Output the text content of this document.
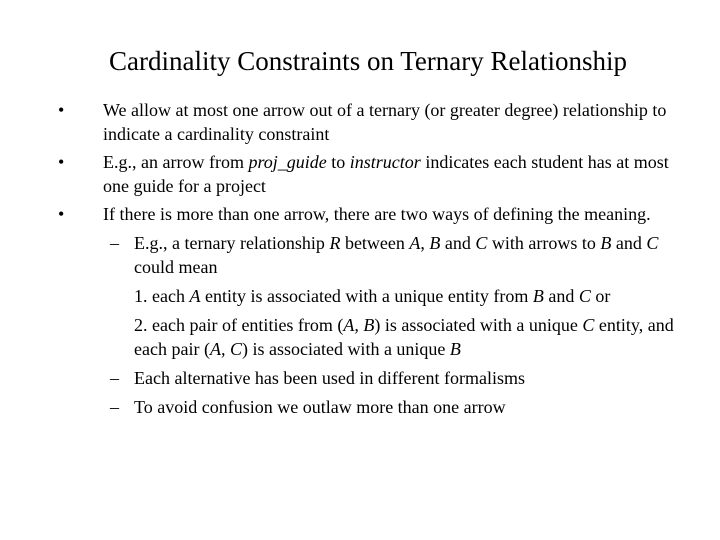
Cardinality Constraints on Ternary Relationship
• We allow at most one arrow out of a ternary (or greater degree) relationship to indicate a cardinality constraint
• E.g., an arrow from proj_guide to instructor indicates each student has at most one guide for a project
• If there is more than one arrow, there are two ways of defining the meaning.
– E.g., a ternary relationship R between A, B and C with arrows to B and C could mean
1. each A entity is associated with a unique entity from B and C or
2. each pair of entities from (A, B) is associated with a unique C entity, and each pair (A, C) is associated with a unique B
– Each alternative has been used in different formalisms
– To avoid confusion we outlaw more than one arrow
